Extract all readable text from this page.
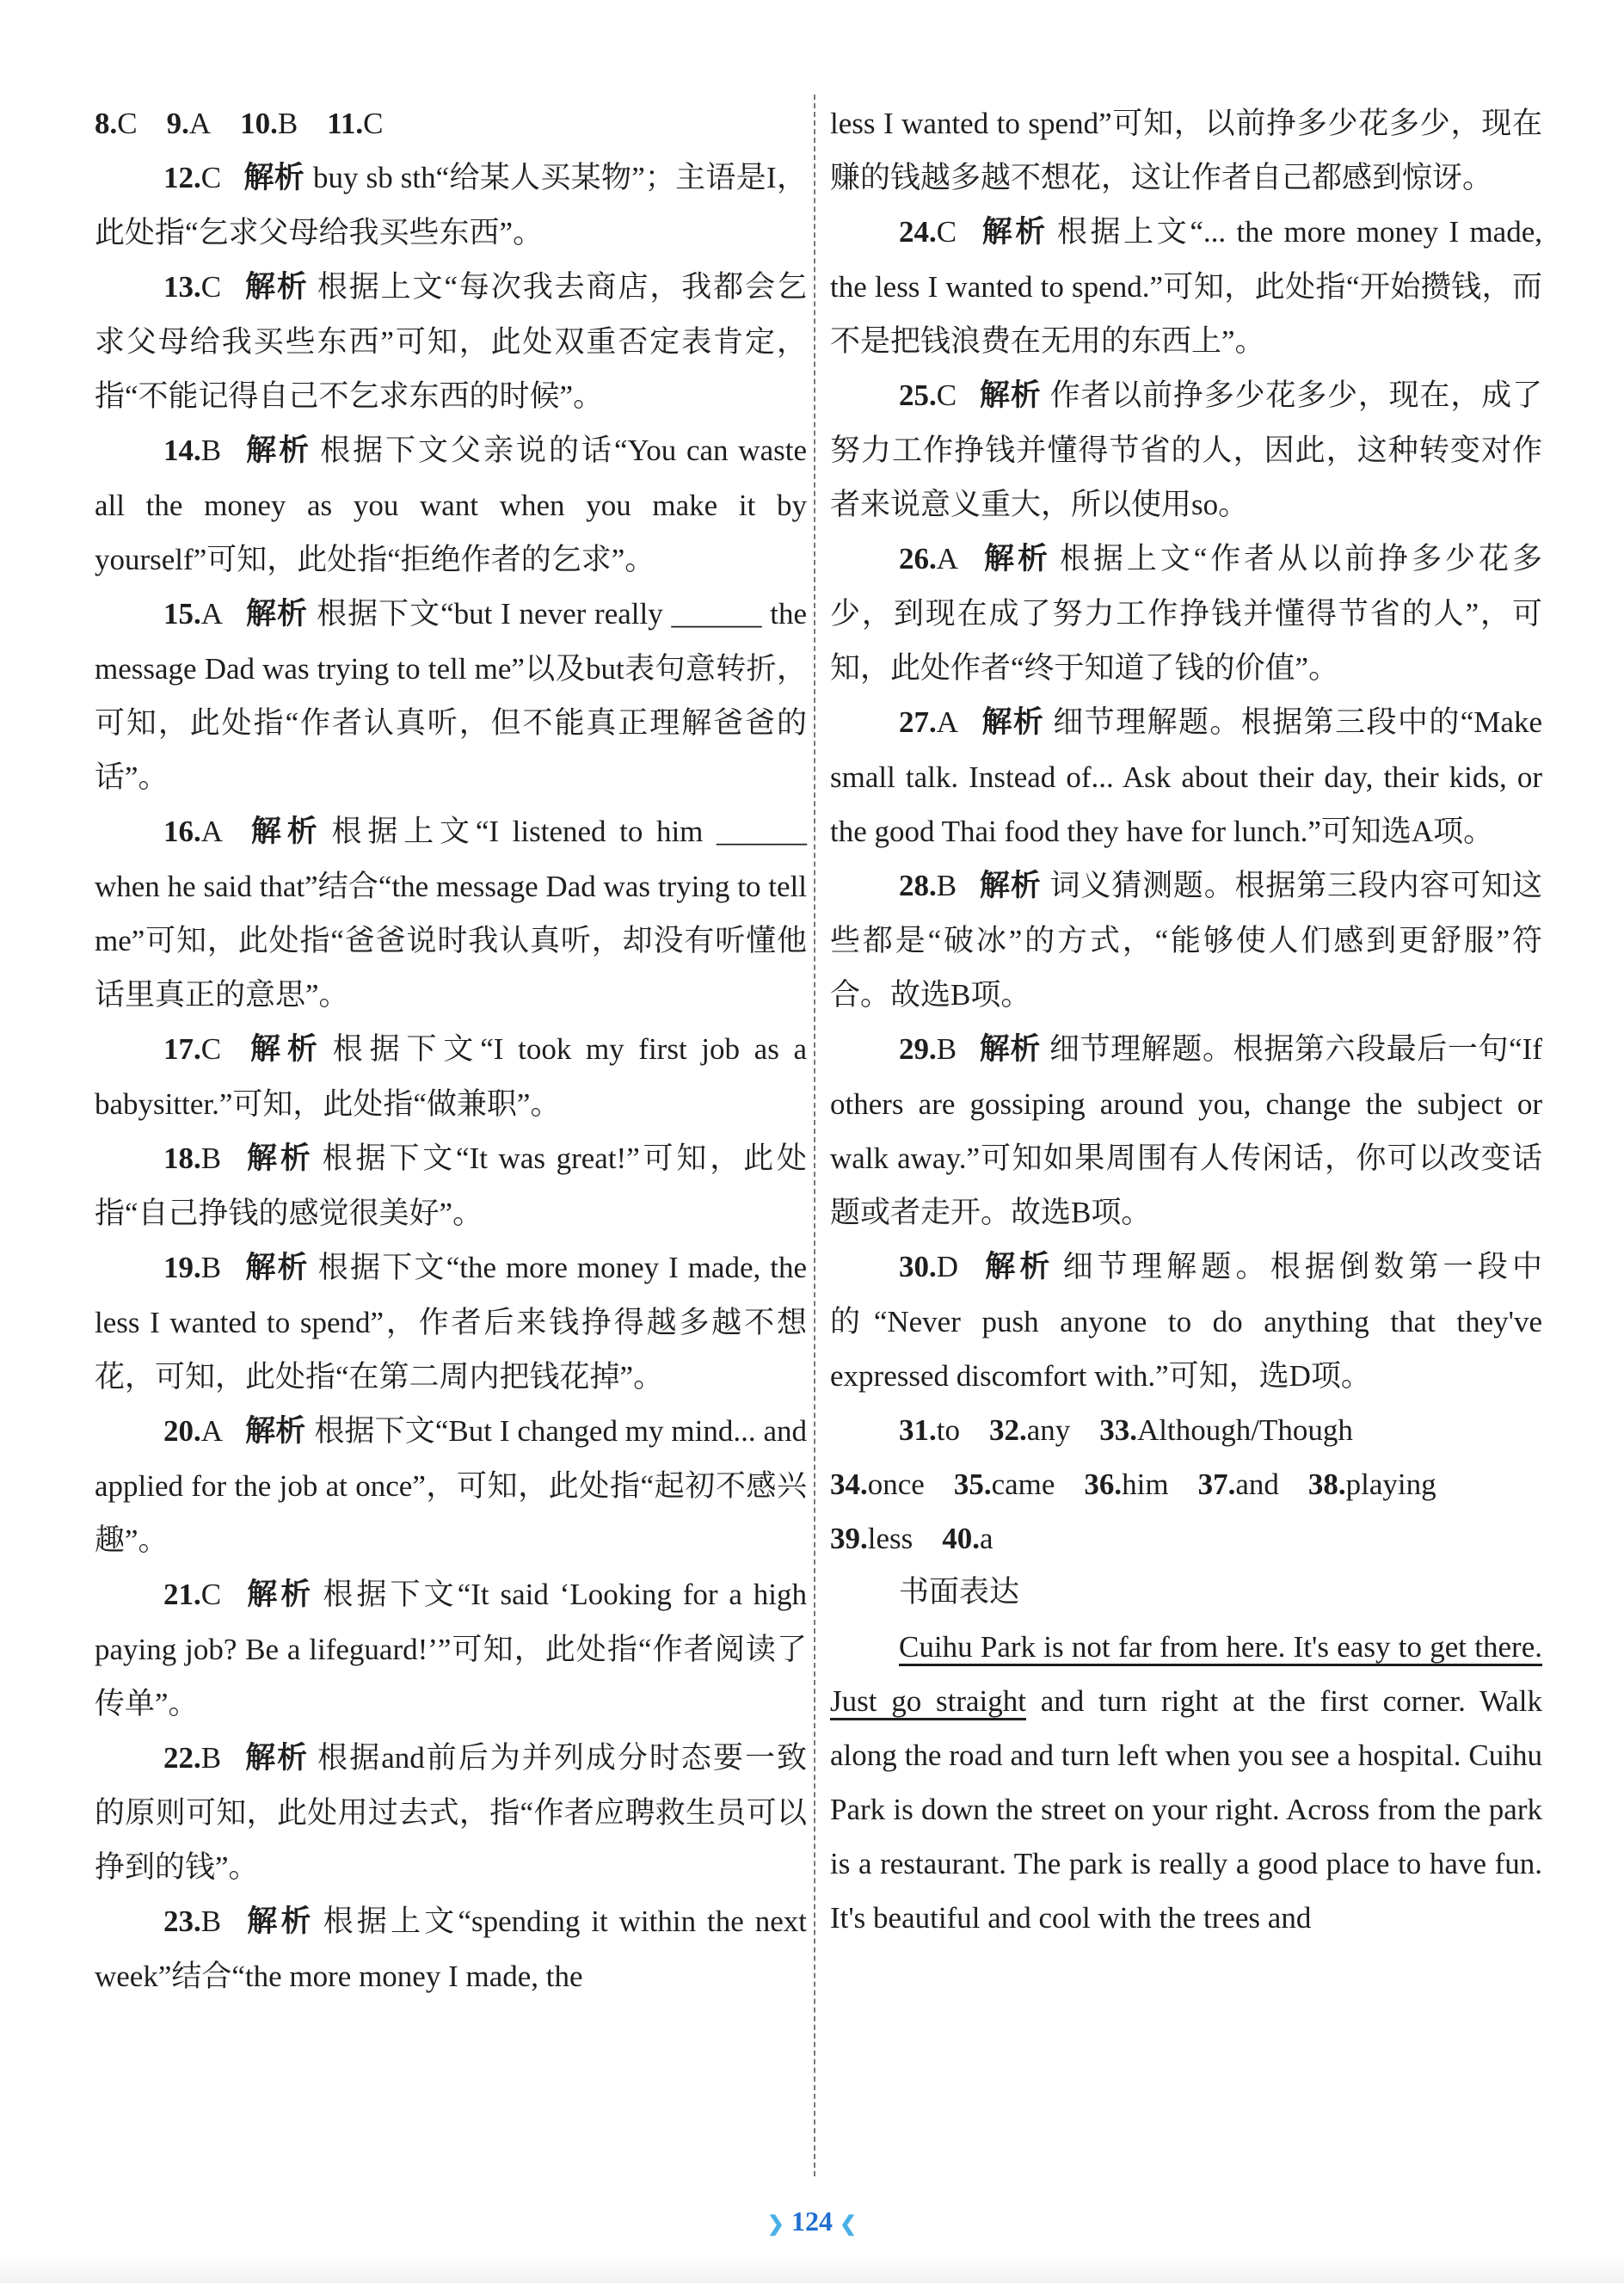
8.C 9.A 10.B 11.C

12.C 解析 buy sb sth“给某人买某物”；主语是I，此处指“乞求父母给我买些东西”。

13.C 解析 根据上文“每次我去商店，我都会乞求父母给我买些东西”可知，此处双重否定表肯定，指“不能记得自己不乞求东西的时候”。

14.B 解析 根据下文父亲说的话“You can waste all the money as you want when you make it by yourself”可知，此处指“拒绝作者的乞求”。

15.A 解析 根据下文“but I never really ______ the message Dad was trying to tell me”以及but表句意转折，可知，此处指“作者认真听，但不能真正理解爸爸的话”。

16.A 解析 根据上文“I listened to him ______ when he said that”结合“the message Dad was trying to tell me”可知，此处指“爸爸说时我认真听，却没有听懂他话里真正的意思”。

17.C 解析 根据下文“I took my first job as a babysitter.”可知，此处指“做兼职”。

18.B 解析 根据下文“It was great!”可知，此处指“自己挣钱的感觉很美好”。

19.B 解析 根据下文“the more money I made, the less I wanted to spend”，作者后来钱挣得越多越不想花，可知，此处指“在第二周内把钱花掉”。

20.A 解析 根据下文“But I changed my mind... and applied for the job at once”，可知，此处指“起初不感兴趣”。

21.C 解析 根据下文“It said ‘Looking for a high paying job? Be a lifeguard!’”可知，此处指“作者阅读了传单”。

22.B 解析 根据and前后为并列成分时态要一致的原则可知，此处用过去式，指“作者应聘救生员可以挣到的钱”。

23.B 解析 根据上文“spending it within the next week”结合“the more money I made, the

less I wanted to spend”可知，以前挣多少花多少，现在赚的钱越多越不想花，这让作者自己都感到惊讶。

24.C 解析 根据上文“... the more money I made, the less I wanted to spend.”可知，此处指“开始攒钱，而不是把钱浪费在无用的东西上”。

25.C 解析 作者以前挣多少花多少，现在，成了努力工作挣钱并懂得节省的人，因此，这种转变对作者来说意义重大，所以使用so。

26.A 解析 根据上文“作者从以前挣多少花多少，到现在成了努力工作挣钱并懂得节省的人”，可知，此处作者“终于知道了钱的价值”。

27.A 解析 细节理解题。根据第三段中的“Make small talk. Instead of... Ask about their day, their kids, or the good Thai food they have for lunch.”可知选A项。

28.B 解析 词义猜测题。根据第三段内容可知这些都是“破冰”的方式，“能够使人们感到更舒服”符合。故选B项。

29.B 解析 细节理解题。根据第六段最后一句“If others are gossiping around you, change the subject or walk away.”可知如果周围有人传闲话，你可以改变话题或者走开。故选B项。

30.D 解析 细节理解题。根据倒数第一段中的“Never push anyone to do anything that they've expressed discomfort with.”可知，选D项。

31.to 32.any 33.Although/Though

34.once 35.came 36.him 37.and 38.playing

39.less 40.a

书面表达

Cuihu Park is not far from here. It's easy to get there. Just go straight and turn right at the first corner. Walk along the road and turn left when you see a hospital. Cuihu Park is down the street on your right. Across from the park is a restaurant. The park is really a good place to have fun. It's beautiful and cool with the trees and

❯ 124 ❮
